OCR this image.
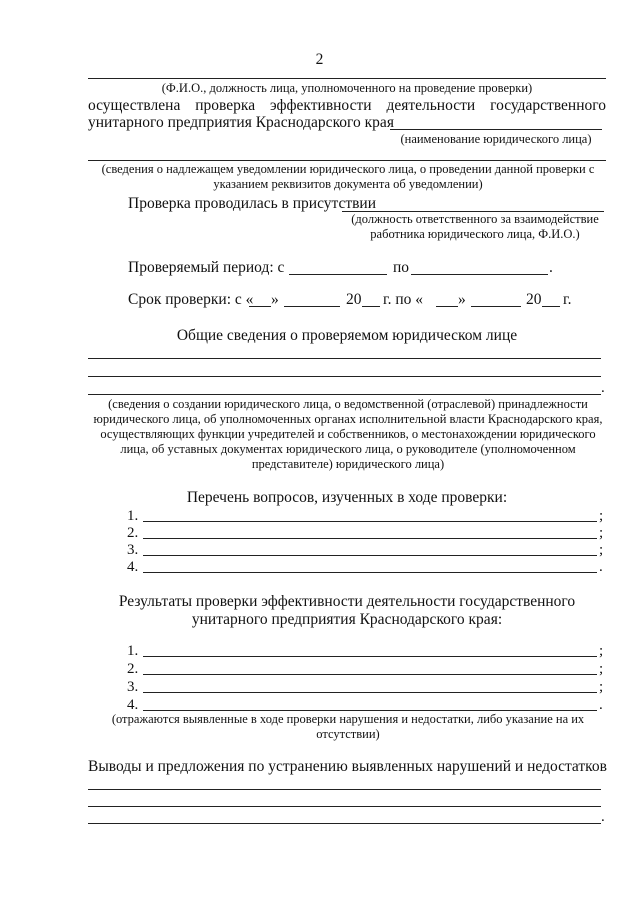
2
(Ф.И.О., должность лица, уполномоченного на проведение проверки)
осуществлена проверка эффективности деятельности государственного
унитарного предприятия Краснодарского края
(наименование юридического лица)
(сведения о надлежащем уведомлении юридического лица, о проведении данной проверки с указанием реквизитов документа об уведомлении)
Проверка проводилась в присутствии
(должность ответственного за взаимодействие работника юридического лица, Ф.И.О.)
Проверяемый период: с	по	.
Срок проверки: с « »	20 г. по « »	20 г.
Общие сведения о проверяемом юридическом лице
.
(сведения о создании юридического лица, о ведомственной (отраслевой) принадлежности юридического лица, об уполномоченных органах исполнительной власти Краснодарского края, осуществляющих функции учредителей и собственников, о местонахождении юридического лица, об уставных документах юридического лица, о руководителе (уполномоченном представителе) юридического лица)
Перечень вопросов, изученных в ходе проверки:
1.	;
2.	;
3.	;
4.	.
Результаты проверки эффективности деятельности государственного
унитарного предприятия Краснодарского края:
1.	;
2.	;
3.	;
4.	.
(отражаются выявленные в ходе проверки нарушения и недостатки, либо указание на их отсутствии)
Выводы и предложения по устранению выявленных нарушений и недостатков
.
